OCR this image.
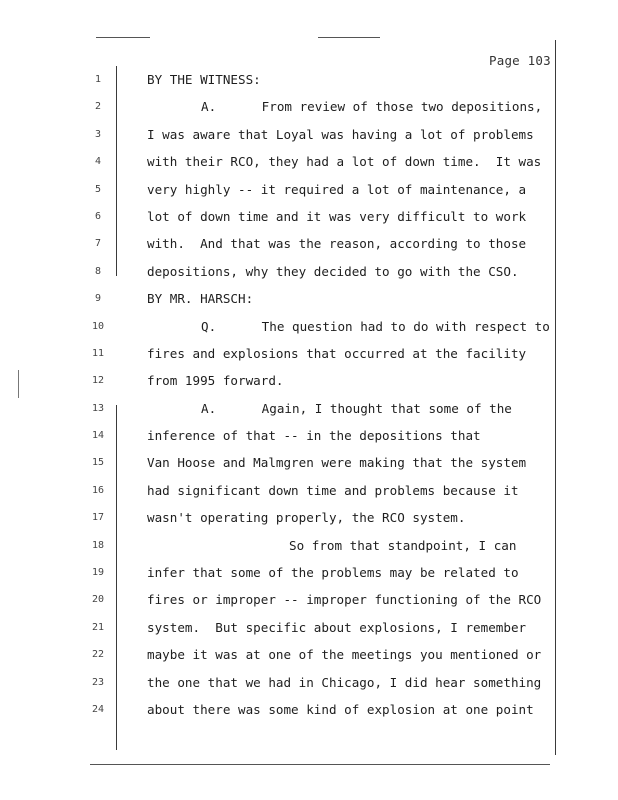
Page 103
1
2
3
4
5
6
7
8
9
10
11
12
13
14
15
16
17
18
19
20
21
22
23
24
BY THE WITNESS:
A.      From review of those two depositions,
I was aware that Loyal was having a lot of problems
with their RCO, they had a lot of down time.  It was
very highly -- it required a lot of maintenance, a
lot of down time and it was very difficult to work
with.  And that was the reason, according to those
depositions, why they decided to go with the CSO.
BY MR. HARSCH:
Q.      The question had to do with respect to
fires and explosions that occurred at the facility
from 1995 forward.
A.      Again, I thought that some of the
inference of that -- in the depositions that
Van Hoose and Malmgren were making that the system
had significant down time and problems because it
wasn't operating properly, the RCO system.
So from that standpoint, I can
infer that some of the problems may be related to
fires or improper -- improper functioning of the RCO
system.  But specific about explosions, I remember
maybe it was at one of the meetings you mentioned or
the one that we had in Chicago, I did hear something
about there was some kind of explosion at one point
